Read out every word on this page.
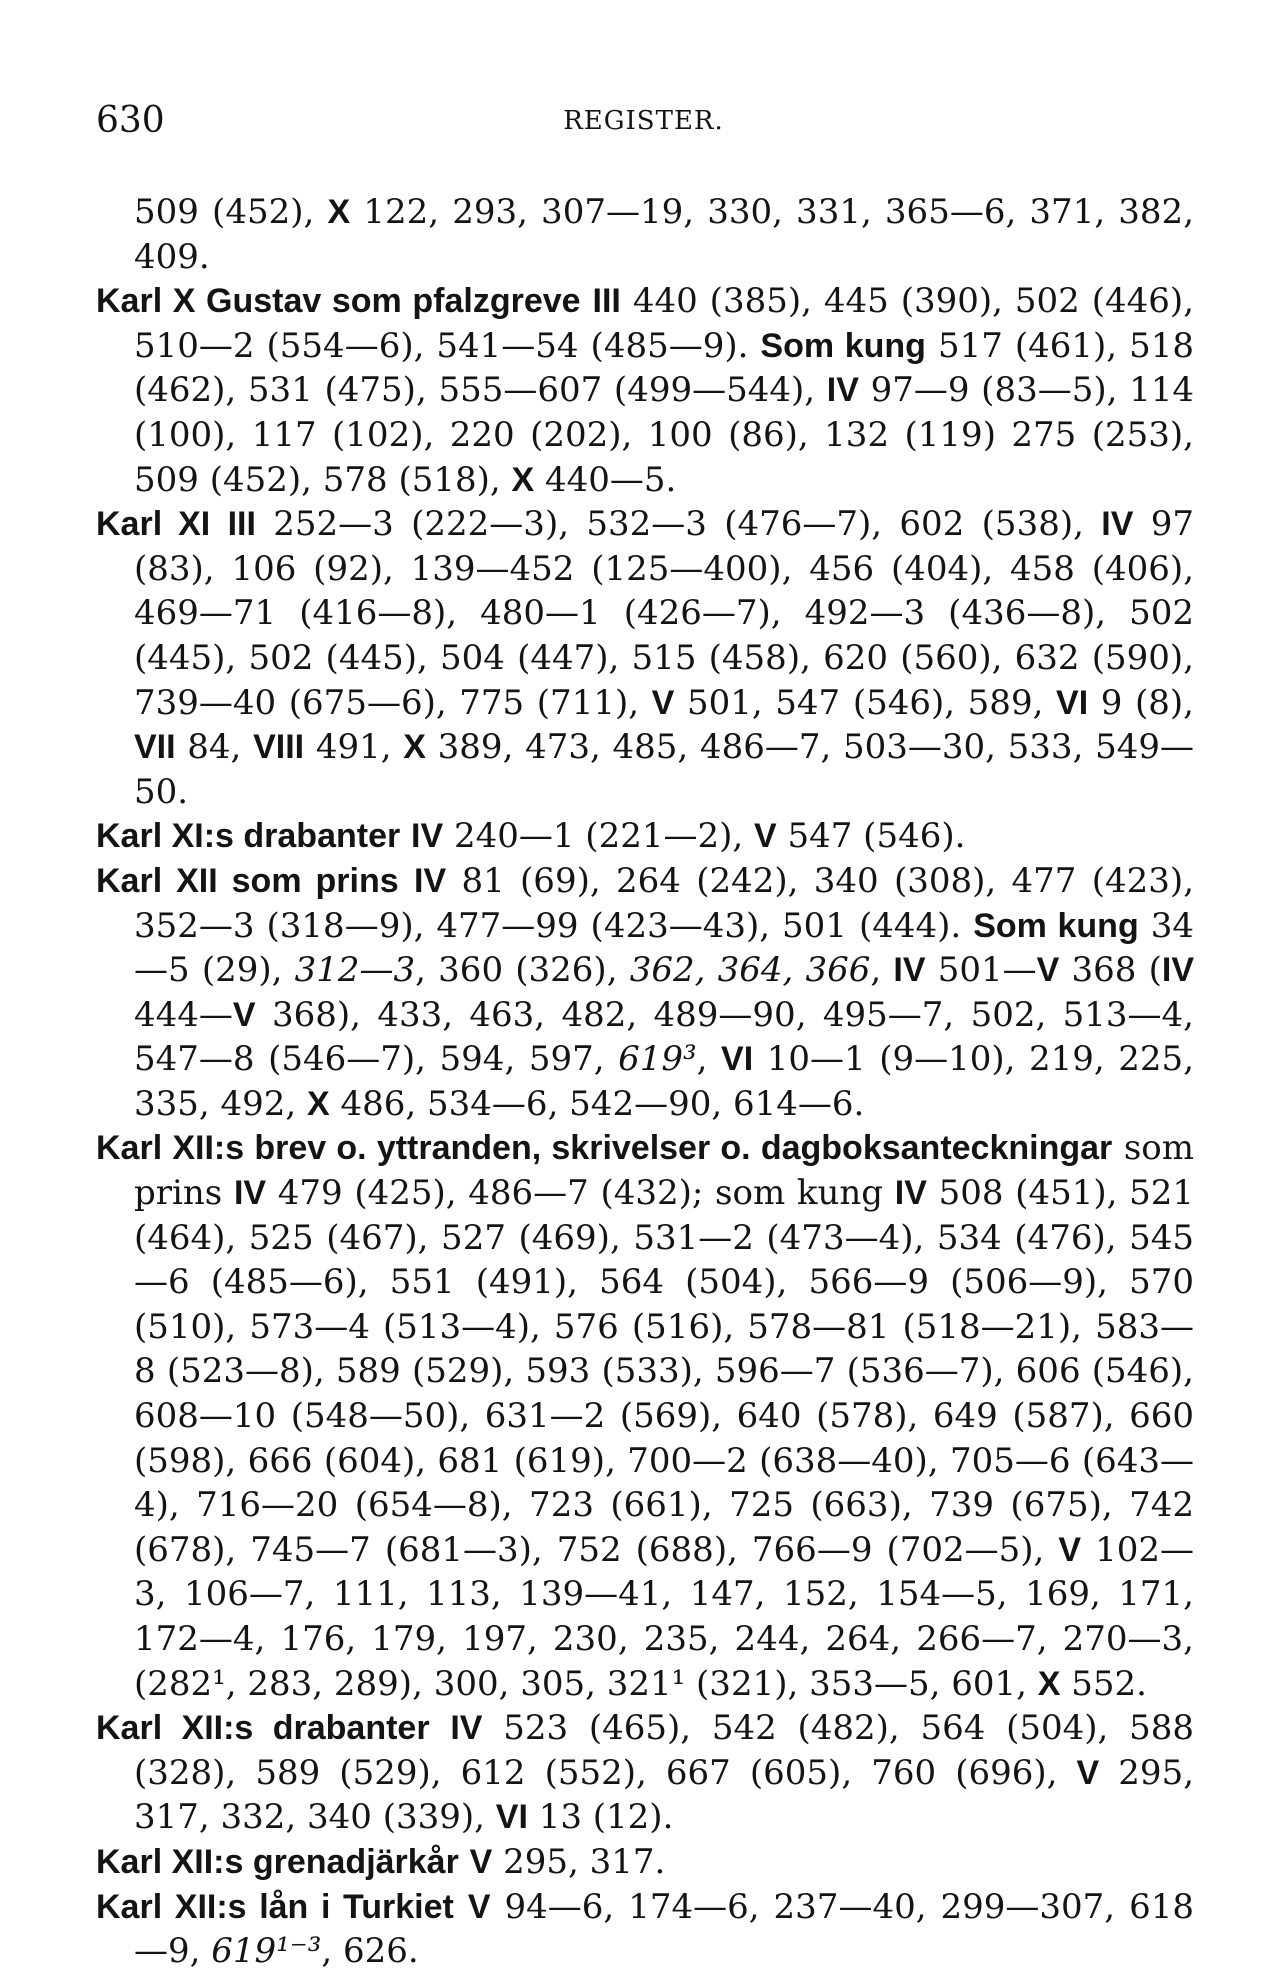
630	REGISTER.
509 (452), X 122, 293, 307—19, 330, 331, 365—6, 371, 382, 409.
Karl X Gustav som pfalzgreve III 440 (385), 445 (390), 502 (446), 510—2 (554—6), 541—54 (485—9). Som kung 517 (461), 518 (462), 531 (475), 555—607 (499—544), IV 97—9 (83—5), 114 (100), 117 (102), 220 (202), 100 (86), 132 (119) 275 (253), 509 (452), 578 (518), X 440—5.
Karl XI III 252—3 (222—3), 532—3 (476—7), 602 (538), IV 97 (83), 106 (92), 139—452 (125—400), 456 (404), 458 (406), 469—71 (416—8), 480—1 (426—7), 492—3 (436—8), 502 (445), 502 (445), 504 (447), 515 (458), 620 (560), 632 (590), 739—40 (675—6), 775 (711), V 501, 547 (546), 589, VI 9 (8), VII 84, VIII 491, X 389, 473, 485, 486—7, 503—30, 533, 549—50.
Karl XI:s drabanter IV 240—1 (221—2), V 547 (546).
Karl XII som prins IV 81 (69), 264 (242), 340 (308), 477 (423), 352—3 (318—9), 477—99 (423—43), 501 (444). Som kung 34—5 (29), 312—3, 360 (326), 362, 364, 366, IV 501—V 368 (IV 444—V 368), 433, 463, 482, 489—90, 495—7, 502, 513—4, 547—8 (546—7), 594, 597, 619³, VI 10—1 (9—10), 219, 225, 335, 492, X 486, 534—6, 542—90, 614—6.
Karl XII:s brev o. yttranden, skrivelser o. dagboksanteckningar som prins IV 479 (425), 486—7 (432); som kung IV 508 (451), 521 (464), 525 (467), 527 (469), 531—2 (473—4), 534 (476), 545—6 (485—6), 551 (491), 564 (504), 566—9 (506—9), 570 (510), 573—4 (513—4), 576 (516), 578—81 (518—21), 583—8 (523—8), 589 (529), 593 (533), 596—7 (536—7), 606 (546), 608—10 (548—50), 631—2 (569), 640 (578), 649 (587), 660 (598), 666 (604), 681 (619), 700—2 (638—40), 705—6 (643—4), 716—20 (654—8), 723 (661), 725 (663), 739 (675), 742 (678), 745—7 (681—3), 752 (688), 766—9 (702—5), V 102—3, 106—7, 111, 113, 139—41, 147, 152, 154—5, 169, 171, 172—4, 176, 179, 197, 230, 235, 244, 264, 266—7, 270—3, (282¹, 283, 289), 300, 305, 321¹ (321), 353—5, 601, X 552.
Karl XII:s drabanter IV 523 (465), 542 (482), 564 (504), 588 (328), 589 (529), 612 (552), 667 (605), 760 (696), V 295, 317, 332, 340 (339), VI 13 (12).
Karl XII:s grenadjärkår V 295, 317.
Karl XII:s lån i Turkiet V 94—6, 174—6, 237—40, 299—307, 618—9, 619¹⁻³, 626.
